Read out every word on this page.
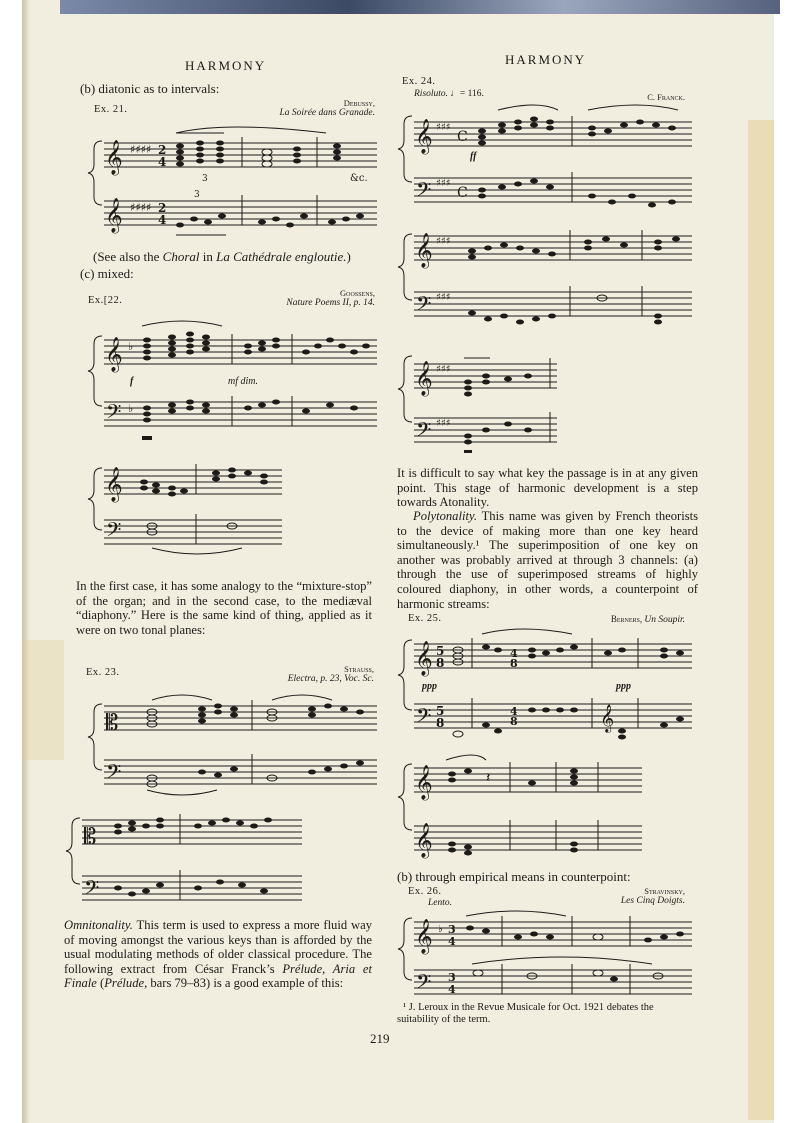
HARMONY	HARMONY
(b) diatonic as to intervals:
Ex. 21.
Debussy,
La Soirée dans Granade.
𝄞
𝄞
♯♯♯♯
♯♯♯♯
2
4
2
4
3
3
&c.
(See also the Choral in La Cathédrale engloutie.)
(c) mixed:
Ex.[22.
Goossens,
Nature Poems II, p. 14.
𝄞
𝄢
♭
♭
f	mf dim.
𝄞
𝄢
In the first case, it has some analogy to the “mixture-stop” of the organ; and in the second case, to the mediæval “diaphony.” Here is the same kind of thing, applied as it were on two tonal planes:
Ex. 23.	Strauss,
Electra, p. 23, Voc. Sc.
𝄡
𝄢
𝄡
𝄢
Omnitonality. This term is used to express a more fluid way of moving amongst the various keys than is afforded by the usual modulating methods of older classical procedure. The following extract from César Franck’s Prélude, Aria et Finale (Prélude, bars 79–83) is a good example of this:
Ex. 24.
Risoluto. ♩= 116.	C. Franck.
𝄞
𝄢
♯♯♯
♯♯♯
C
C
ff
𝄞
𝄢
♯♯♯
♯♯♯
𝄞
𝄢
♯♯♯
♯♯♯
It is difficult to say what key the passage is in at any given point. This stage of harmonic development is a step towards Atonality.
Polytonality. This name was given by French theorists to the device of making more than one key heard simultaneously.¹ The superimposition of one key on another was probably arrived at through 3 channels: (a) through the use of superimposed streams of highly coloured diaphony, in other words, a counterpoint of harmonic streams:
Ex. 25.	Berners, Un Soupir.
𝄞
𝄢
5
8
5
8
4
8
4
8	𝄞
ppp	ppp
𝄞
𝄞
𝄽
(b) through empirical means in counterpoint:
Ex. 26.
Lento.
Stravinsky,
Les Cinq Doigts.
𝄞
𝄢
♭ 3
4
3
4
¹ J. Leroux in the Revue Musicale for Oct. 1921 debates the suitability of the term.
219
